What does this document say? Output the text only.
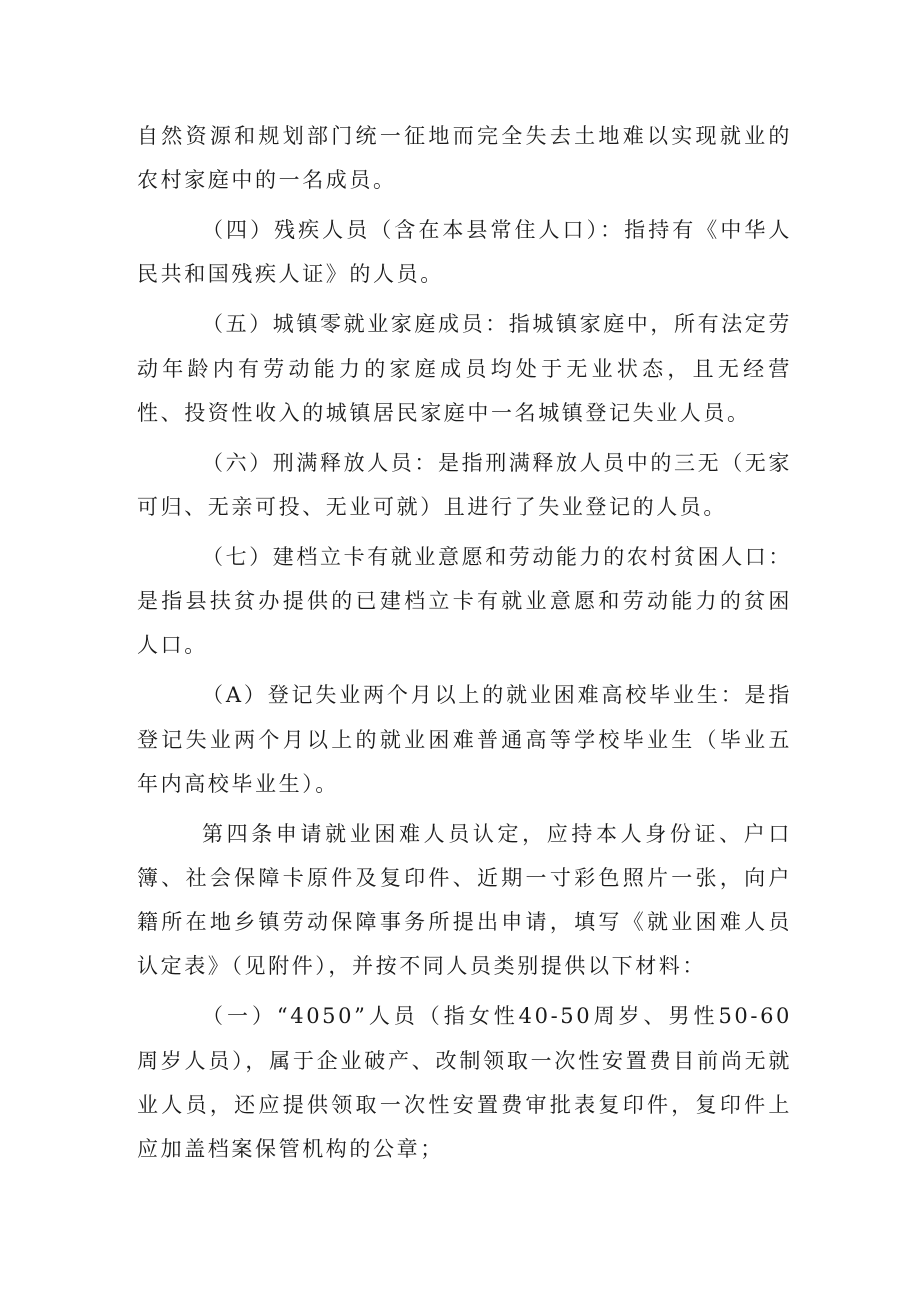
自然资源和规划部门统一征地而完全失去土地难以实现就业的农村家庭中的一名成员。

（四）残疾人员（含在本县常住人口）：指持有《中华人民共和国残疾人证》的人员。

（五）城镇零就业家庭成员：指城镇家庭中，所有法定劳动年龄内有劳动能力的家庭成员均处于无业状态，且无经营性、投资性收入的城镇居民家庭中一名城镇登记失业人员。

（六）刑满释放人员：是指刑满释放人员中的三无（无家可归、无亲可投、无业可就）且进行了失业登记的人员。

（七）建档立卡有就业意愿和劳动能力的农村贫困人口：是指县扶贫办提供的已建档立卡有就业意愿和劳动能力的贫困人口。

（A）登记失业两个月以上的就业困难高校毕业生：是指登记失业两个月以上的就业困难普通高等学校毕业生（毕业五年内高校毕业生）。

第四条申请就业困难人员认定，应持本人身份证、户口簿、社会保障卡原件及复印件、近期一寸彩色照片一张，向户籍所在地乡镇劳动保障事务所提出申请，填写《就业困难人员认定表》（见附件），并按不同人员类别提供以下材料：

（一）“4050”人员（指女性40-50周岁、男性50-60周岁人员），属于企业破产、改制领取一次性安置费目前尚无就业人员，还应提供领取一次性安置费审批表复印件，复印件上应加盖档案保管机构的公章；
